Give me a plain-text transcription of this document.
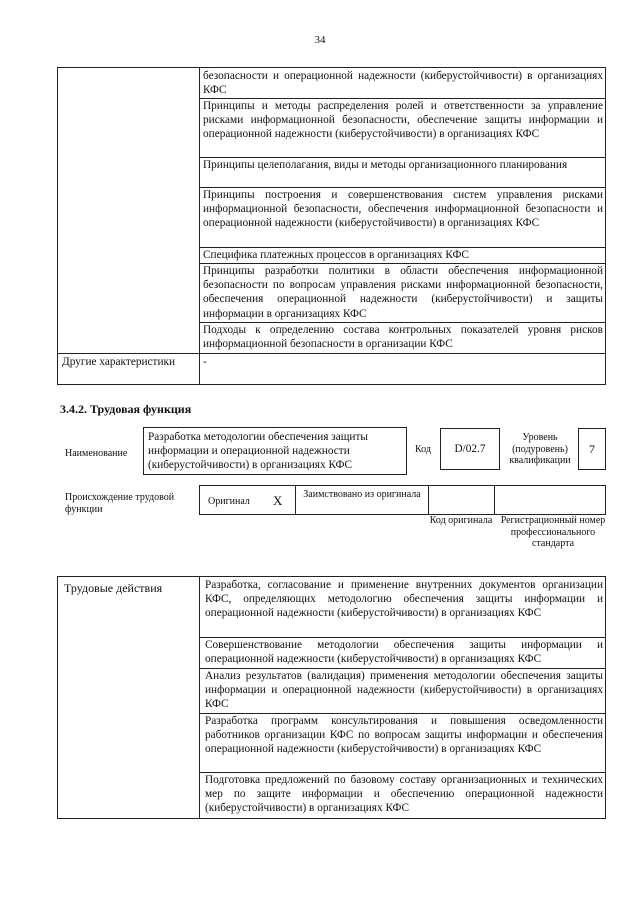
34
безопасности и операционной надежности (киберустойчивости) в организациях КФС
Принципы и методы распределения ролей и ответственности за управление рисками информационной безопасности, обеспечение защиты информации и операционной надежности (киберустойчивости) в организациях КФС
Принципы целеполагания, виды и методы организационного планирования
Принципы построения и совершенствования систем управления рисками информационной безопасности, обеспечения информационной безопасности и операционной надежности (киберустойчивости) в организациях КФС
Специфика платежных процессов в организациях КФС
Принципы разработки политики в области обеспечения информационной безопасности по вопросам управления рисками информационной безопасности, обеспечения операционной надежности (киберустойчивости) и защиты информации в организациях КФС
Подходы к определению состава контрольных показателей уровня рисков информационной безопасности в организации КФС
Другие характеристики	-
3.4.2. Трудовая функция
Наименование
Разработка методологии обеспечения защиты информации и операционной надежности (киберустойчивости) в организациях КФС
Код	D/02.7
Уровень (подуровень) квалификации
7
Происхождение трудовой функции
Оригинал X	Заимствовано из оригинала
Код оригинала Регистрационный номер профессионального стандарта
Трудовые действия	Разработка, согласование и применение внутренних документов организации КФС, определяющих методологию обеспечения защиты информации и операционной надежности (киберустойчивости) в организациях КФС
Совершенствование методологии обеспечения защиты информации и операционной надежности (киберустойчивости) в организациях КФС
Анализ результатов (валидация) применения методологии обеспечения защиты информации и операционной надежности (киберустойчивости) в организациях КФС
Разработка программ консультирования и повышения осведомленности работников организации КФС по вопросам защиты информации и обеспечения операционной надежности (киберустойчивости) в организациях КФС
Подготовка предложений по базовому составу организационных и технических мер по защите информации и обеспечению операционной надежности (киберустойчивости) в организациях КФС
